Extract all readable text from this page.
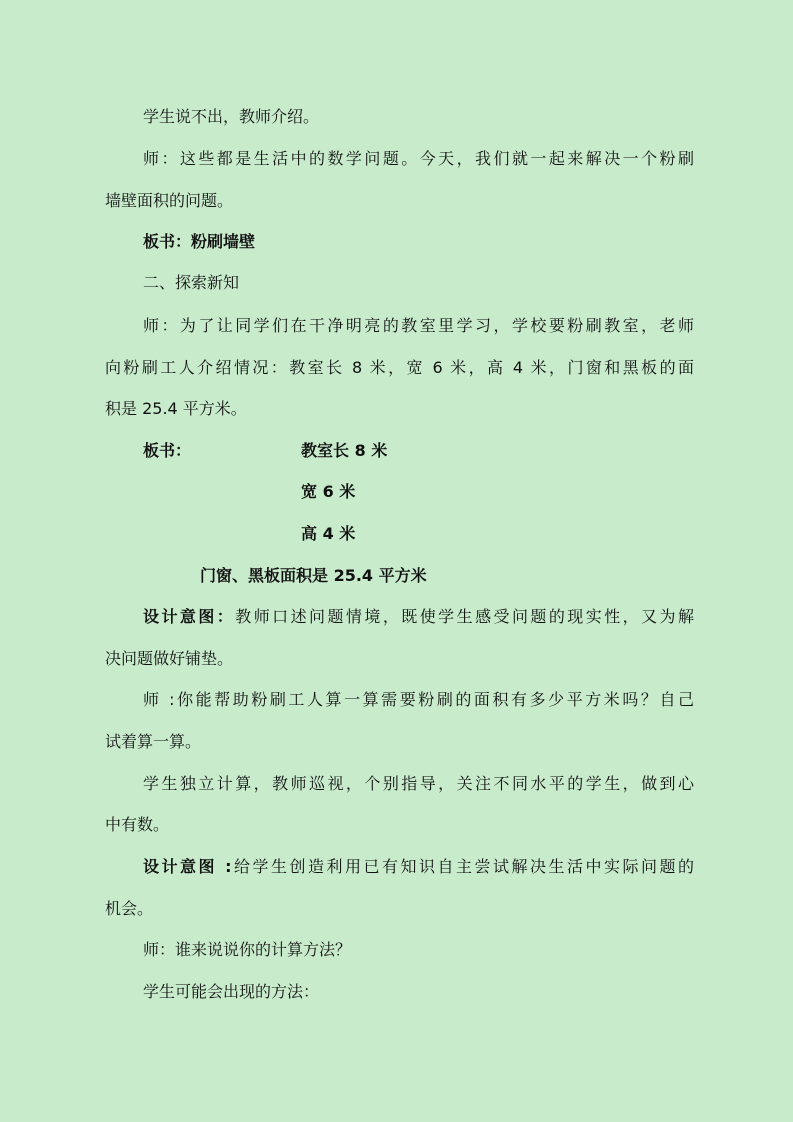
学生说不出，教师介绍。
师：这些都是生活中的数学问题。今天，我们就一起来解决一个粉刷
墙壁面积的问题。
板书：粉刷墙壁
二、探索新知
师：为了让同学们在干净明亮的教室里学习，学校要粉刷教室，老师
向粉刷工人介绍情况：教室长 8 米，宽 6 米，高 4 米，门窗和黑板的面
积是 25.4 平方米。
板书：	教室长 8 米
宽 6 米
高 4 米
门窗、黑板面积是 25.4 平方米
设计意图：教师口述问题情境，既使学生感受问题的现实性，又为解
决问题做好铺垫。
师 :你能帮助粉刷工人算一算需要粉刷的面积有多少平方米吗？自己
试着算一算。
学生独立计算，教师巡视，个别指导，关注不同水平的学生，做到心
中有数。
设计意图 :给学生创造利用已有知识自主尝试解决生活中实际问题的
机会。
师：谁来说说你的计算方法？
学生可能会出现的方法：
